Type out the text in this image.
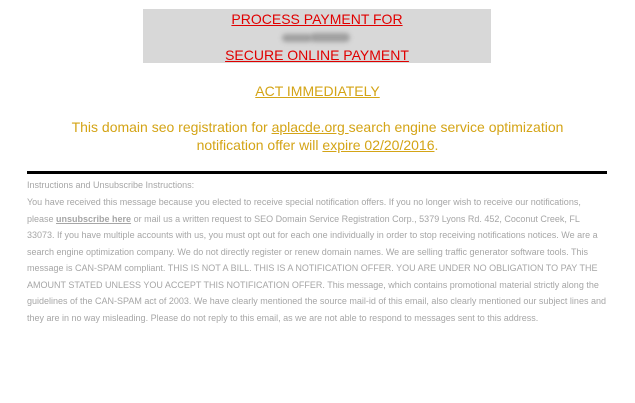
PROCESS PAYMENT FOR
SECURE ONLINE PAYMENT
ACT IMMEDIATELY
This domain seo registration for aplacde.org search engine service optimization notification offer will expire 02/20/2016.
Instructions and Unsubscribe Instructions:
You have received this message because you elected to receive special notification offers. If you no longer wish to receive our notifications, please unsubscribe here or mail us a written request to SEO Domain Service Registration Corp., 5379 Lyons Rd. 452, Coconut Creek, FL 33073. If you have multiple accounts with us, you must opt out for each one individually in order to stop receiving notifications notices. We are a search engine optimization company. We do not directly register or renew domain names. We are selling traffic generator software tools. This message is CAN-SPAM compliant. THIS IS NOT A BILL. THIS IS A NOTIFICATION OFFER. YOU ARE UNDER NO OBLIGATION TO PAY THE AMOUNT STATED UNLESS YOU ACCEPT THIS NOTIFICATION OFFER. This message, which contains promotional material strictly along the guidelines of the CAN-SPAM act of 2003. We have clearly mentioned the source mail-id of this email, also clearly mentioned our subject lines and they are in no way misleading. Please do not reply to this email, as we are not able to respond to messages sent to this address.
